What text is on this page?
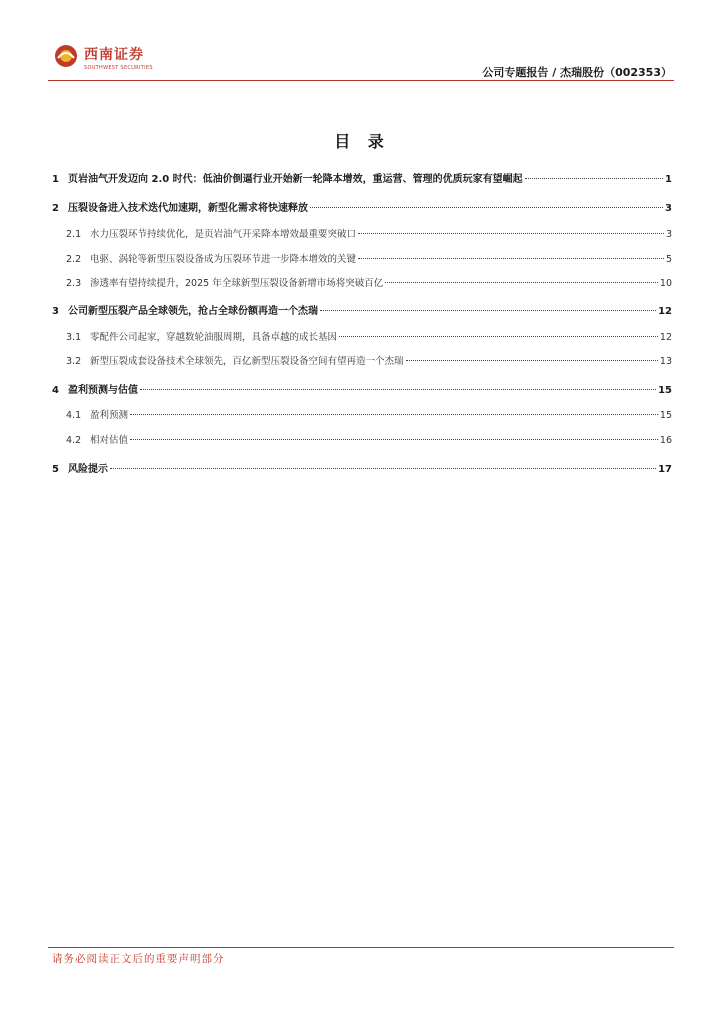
西南证券
SOUTHWEST SECURITIES	公司专题报告 / 杰瑞股份（002353）
目 录
1 页岩油气开发迈向 2.0 时代：低油价倒逼行业开始新一轮降本增效，重运营、管理的优质玩家有望崛起	1
2 压裂设备进入技术迭代加速期，新型化需求将快速释放	3
2.1 水力压裂环节持续优化，是页岩油气开采降本增效最重要突破口	3
2.2 电驱、涡轮等新型压裂设备成为压裂环节进一步降本增效的关键	5
2.3 渗透率有望持续提升，2025 年全球新型压裂设备新增市场将突破百亿	10
3 公司新型压裂产品全球领先，抢占全球份额再造一个杰瑞	12
3.1 零配件公司起家，穿越数轮油服周期，具备卓越的成长基因	12
3.2 新型压裂成套设备技术全球领先，百亿新型压裂设备空间有望再造一个杰瑞	13
4 盈利预测与估值	15
4.1 盈利预测	15
4.2 相对估值	16
5 风险提示	17
请务必阅读正文后的重要声明部分
